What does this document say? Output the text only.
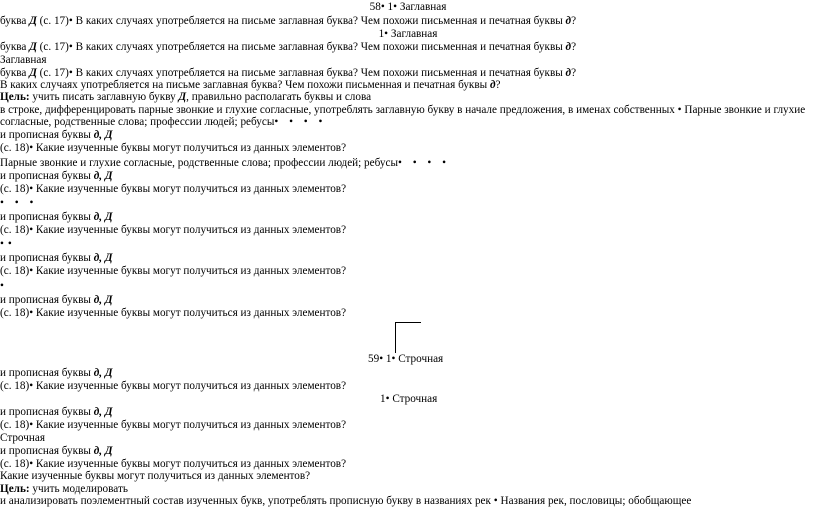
58• 1• Заглавная
буква Д (с. 17)• В каких случаях употребляется на письме заглавная буква? Чем похожи письменная и печатная буквы д?
1• Заглавная
буква Д (с. 17)• В каких случаях употребляется на письме заглавная буква? Чем похожи письменная и печатная буквы д?
Заглавная
буква Д (с. 17)• В каких случаях употребляется на письме заглавная буква? Чем похожи письменная и печатная буквы д?
В каких случаях употребляется на письме заглавная буква? Чем похожи письменная и печатная буквы д?
Цель: учить писать заглавную букву Д, правильно располагать буквы и слова
в строке, дифференцировать парные звонкие и глухие согласные, употреблять заглавную букву в начале предложения, в именах собственных • Парные звонкие и глухие
согласные, родственные слова; профессии людей; ребусы• • • •
и прописная буквы д, Д
(с. 18)• Какие изученные буквы могут получиться из данных элементов?
Парные звонкие и глухие согласные, родственные слова; профессии людей; ребусы• • • •
и прописная буквы д, Д
(с. 18)• Какие изученные буквы могут получиться из данных элементов?
• • •
и прописная буквы д, Д
(с. 18)• Какие изученные буквы могут получиться из данных элементов?
••
и прописная буквы д, Д
(с. 18)• Какие изученные буквы могут получиться из данных элементов?
•
и прописная буквы д, Д
(с. 18)• Какие изученные буквы могут получиться из данных элементов?
59• 1• Строчная
и прописная буквы д, Д
(с. 18)• Какие изученные буквы могут получиться из данных элементов?
1• Строчная
и прописная буквы д, Д
(с. 18)• Какие изученные буквы могут получиться из данных элементов?
Строчная
и прописная буквы д, Д
(с. 18)• Какие изученные буквы могут получиться из данных элементов?
Какие изученные буквы могут получиться из данных элементов?
Цель: учить моделировать
и анализировать поэлементный состав изученных букв, употреблять прописную букву в названиях рек • Названия рек, пословицы; обобщающее
